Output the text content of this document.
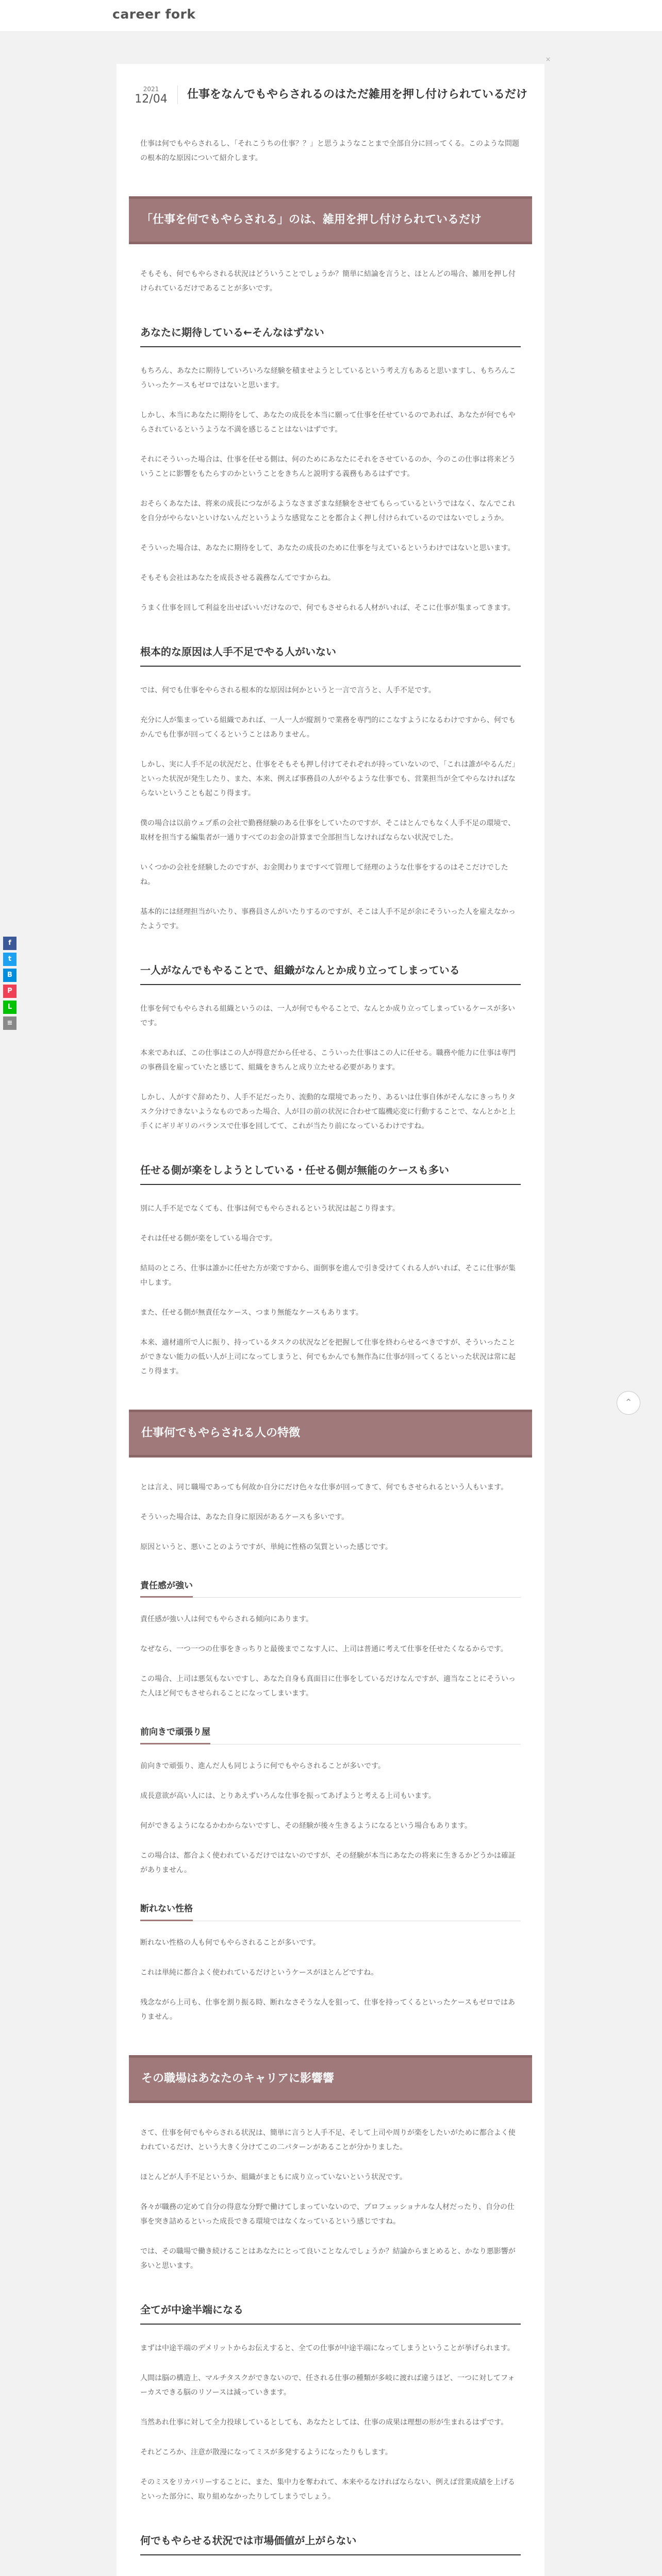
career fork
×
f
t
B
P
L
≡
⌃
2021
12/04	仕事をなんでもやらされるのはただ雑用を押し付けられているだけ

仕事は何でもやらされるし、「それこうちの仕事？？」と思うようなことまで全部自分に回ってくる。このような問題の根本的な原因について紹介します。

「仕事を何でもやらされる」のは、雑用を押し付けられているだけ

そもそも、何でもやらされる状況はどういうことでしょうか？簡単に結論を言うと、ほとんどの場合、雑用を押し付けられているだけであることが多いです。

あなたに期待している←そんなはずない

もちろん、あなたに期待していろいろな経験を積ませようとしているという考え方もあると思いますし、もちろんこういったケースもゼロではないと思います。

しかし、本当にあなたに期待をして、あなたの成長を本当に願って仕事を任せているのであれば、あなたが何でもやらされているというような不満を感じることはないはずです。

それにそういった場合は、仕事を任せる側は、何のためにあなたにそれをさせているのか、今のこの仕事は将来どういうことに影響をもたらすのかということをきちんと説明する義務もあるはずです。

おそらくあなたは、将来の成長につながるようなさまざまな経験をさせてもらっているというではなく、なんでこれを自分がやらないといけないんだというような感覚なことを都合よく押し付けられているのではないでしょうか。

そういった場合は、あなたに期待をして、あなたの成長のために仕事を与えているというわけではないと思います。

そもそも会社はあなたを成長させる義務なんてですからね。

うまく仕事を回して利益を出せばいいだけなので、何でもさせられる人材がいれば、そこに仕事が集まってきます。

根本的な原因は人手不足でやる人がいない

では、何でも仕事をやらされる根本的な原因は何かというと一言で言うと、人手不足です。

充分に人が集まっている組織であれば、一人一人が縦割りで業務を専門的にこなすようになるわけですから、何でもかんでも仕事が回ってくるということはありません。

しかし、実に人手不足の状況だと、仕事をそもそも押し付けてそれぞれが持っていないので、「これは誰がやるんだ」といった状況が発生したり、また、本来、例えば事務員の人がやるような仕事でも、営業担当が全てやらなければならないということも起こり得ます。

僕の場合は以前ウェブ系の会社で勤務経験のある仕事をしていたのですが、そこはとんでもなく人手不足の環境で、取材を担当する編集者が一通りすべてのお金の計算まで全部担当しなければならない状況でした。

いくつかの会社を経験したのですが、お金関わりまですべて管理して経理のような仕事をするのはそこだけでしたね。

基本的には経理担当がいたり、事務員さんがいたりするのですが、そこは人手不足が余にそういった人を雇えなかったようです。

一人がなんでもやることで、組織がなんとか成り立ってしまっている

仕事を何でもやらされる組織というのは、一人が何でもやることで、なんとか成り立ってしまっているケースが多いです。

本来であれば、この仕事はこの人が得意だから任せる、こういった仕事はこの人に任せる。職務や能力に仕事は専門の事務員を雇っていたと感じて、組織をきちんと成り立たせる必要があります。

しかし、人がすぐ辞めたり、人手不足だったり、流動的な環境であったり、あるいは仕事自体がそんなにきっちりタスク分けできないようなものであった場合、人が目の前の状況に合わせて臨機応変に行動することで、なんとかと上手くにギリギリのバランスで仕事を回してて、これが当たり前になっているわけですね。

任せる側が楽をしようとしている・任せる側が無能のケースも多い

別に人手不足でなくても、仕事は何でもやらされるという状況は起こり得ます。

それは任せる側が楽をしている場合です。

結局のところ、仕事は誰かに任せた方が楽ですから、面倒事を進んで引き受けてくれる人がいれば、そこに仕事が集中します。

また、任せる側が無責任なケース、つまり無能なケースもあります。

本来、適材適所で人に振り、持っているタスクの状況などを把握して仕事を終わらせるべきですが、そういったことができない能力の低い人が上司になってしまうと、何でもかんでも無作為に仕事が回ってくるといった状況は常に起こり得ます。

仕事何でもやらされる人の特徴

とは言え、同じ職場であっても何故か自分にだけ色々な仕事が回ってきて、何でもさせられるという人もいます。

そういった場合は、あなた自身に原因があるケースも多いです。

原因というと、悪いことのようですが、単純に性格の気質といった感じです。

責任感が強い

責任感が強い人は何でもやらされる傾向にあります。

なぜなら、一つ一つの仕事をきっちりと最後までこなす人に、上司は普通に考えて仕事を任せたくなるからです。

この場合、上司は悪気もないですし、あなた自身も真面目に仕事をしているだけなんですが、適当なことにそういった人ほど何でもさせられることになってしまいます。

前向きで頑張り屋

前向きで頑張り、進んだ人も同じように何でもやらされることが多いです。

成長意欲が高い人には、とりあえずいろんな仕事を振ってあげようと考える上司もいます。

何ができるようになるかわからないですし、その経験が後々生きるようになるという場合もあります。

この場合は、都合よく使われているだけではないのですが、その経験が本当にあなたの将来に生きるかどうかは確証がありません。

断れない性格

断れない性格の人も何でもやらされることが多いです。

これは単純に都合よく使われているだけというケースがほとんどですね。

残念ながら上司も、仕事を割り振る時、断れなさそうな人を狙って、仕事を持ってくるといったケースもゼロではありません。

その職場はあなたのキャリアに影響響

さて、仕事を何でもやらされる状況は、簡単に言うと人手不足、そして上司や周りが楽をしたいがために都合よく使われているだけ、という大きく分けてこの二パターンがあることが分かりました。

ほとんどが人手不足というか、組織がまともに成り立っていないという状況です。

各々が職務の定めて自分の得意な分野で働けてしまっていないので、プロフェッショナルな人材だったり、自分の仕事を突き詰めるといった成長できる環境ではなくなっているという感じですね。

では、その職場で働き続けることはあなたにとって良いことなんでしょうか？結論からまとめると、かなり悪影響が多いと思います。

全てが中途半端になる

まずは中途半端のデメリットからお伝えすると、全ての仕事が中途半端になってしまうということが挙げられます。

人間は脳の構造上、マルチタスクができないので、任される仕事の種類が多岐に渡れば違うほど、一つに対してフォーカスできる脳のリソースは減っていきます。

当然あれ仕事に対して全力投球しているとしても、あなたとしては、仕事の成果は理想の形が生まれるはずです。

それどころか、注意が散漫になってミスが多発するようになったりもします。

そのミスをリカバリーすることに、また、集中力を奪われて、本来やるなければならない、例えば営業成績を上げるといった部分に、取り組めなかったりしてしまうでしょう。

何でもやらせる状況では市場価値が上がらない
